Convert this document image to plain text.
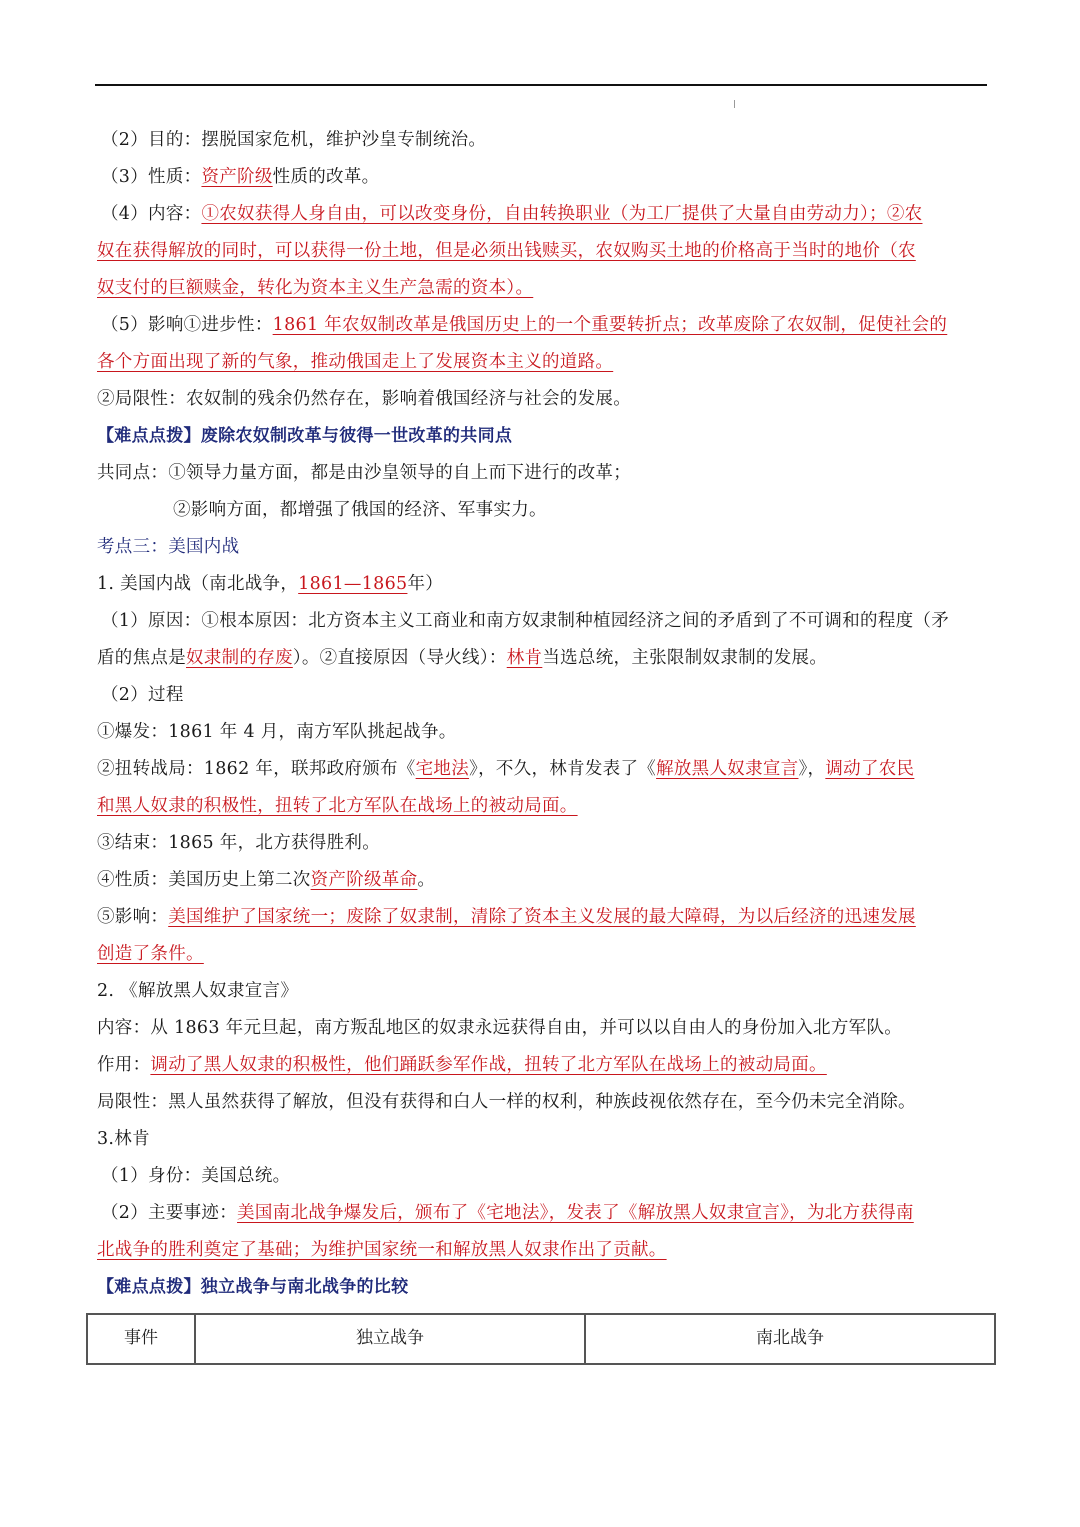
（2）目的：摆脱国家危机，维护沙皇专制统治。
（3）性质：资产阶级性质的改革。
（4）内容：①农奴获得人身自由，可以改变身份，自由转换职业（为工厂提供了大量自由劳动力）；②农
奴在获得解放的同时，可以获得一份土地，但是必须出钱赎买，农奴购买土地的价格高于当时的地价（农
奴支付的巨额赎金，转化为资本主义生产急需的资本）。
（5）影响①进步性：1861 年农奴制改革是俄国历史上的一个重要转折点；改革废除了农奴制，促使社会的
各个方面出现了新的气象，推动俄国走上了发展资本主义的道路。
②局限性：农奴制的残余仍然存在，影响着俄国经济与社会的发展。
【难点点拨】废除农奴制改革与彼得一世改革的共同点
共同点：①领导力量方面，都是由沙皇领导的自上而下进行的改革；
②影响方面，都增强了俄国的经济、军事实力。
考点三：美国内战
1. 美国内战（南北战争，1861—1865年）
（1）原因：①根本原因：北方资本主义工商业和南方奴隶制种植园经济之间的矛盾到了不可调和的程度（矛
盾的焦点是奴隶制的存废）。②直接原因（导火线）：林肯当选总统，主张限制奴隶制的发展。
（2）过程
①爆发：1861 年 4 月，南方军队挑起战争。
②扭转战局：1862 年，联邦政府颁布《宅地法》，不久，林肯发表了《解放黑人奴隶宣言》，调动了农民
和黑人奴隶的积极性，扭转了北方军队在战场上的被动局面。
③结束：1865 年，北方获得胜利。
④性质：美国历史上第二次资产阶级革命。
⑤影响：美国维护了国家统一；废除了奴隶制，清除了资本主义发展的最大障碍，为以后经济的迅速发展
创造了条件。
2. 《解放黑人奴隶宣言》
内容：从 1863 年元旦起，南方叛乱地区的奴隶永远获得自由，并可以以自由人的身份加入北方军队。
作用：调动了黑人奴隶的积极性，他们踊跃参军作战，扭转了北方军队在战场上的被动局面。
局限性：黑人虽然获得了解放，但没有获得和白人一样的权利，种族歧视依然存在，至今仍未完全消除。
3.林肯
（1）身份：美国总统。
（2）主要事迹：美国南北战争爆发后，颁布了《宅地法》，发表了《解放黑人奴隶宣言》，为北方获得南
北战争的胜利奠定了基础；为维护国家统一和解放黑人奴隶作出了贡献。
【难点点拨】独立战争与南北战争的比较
事件	独立战争	南北战争
